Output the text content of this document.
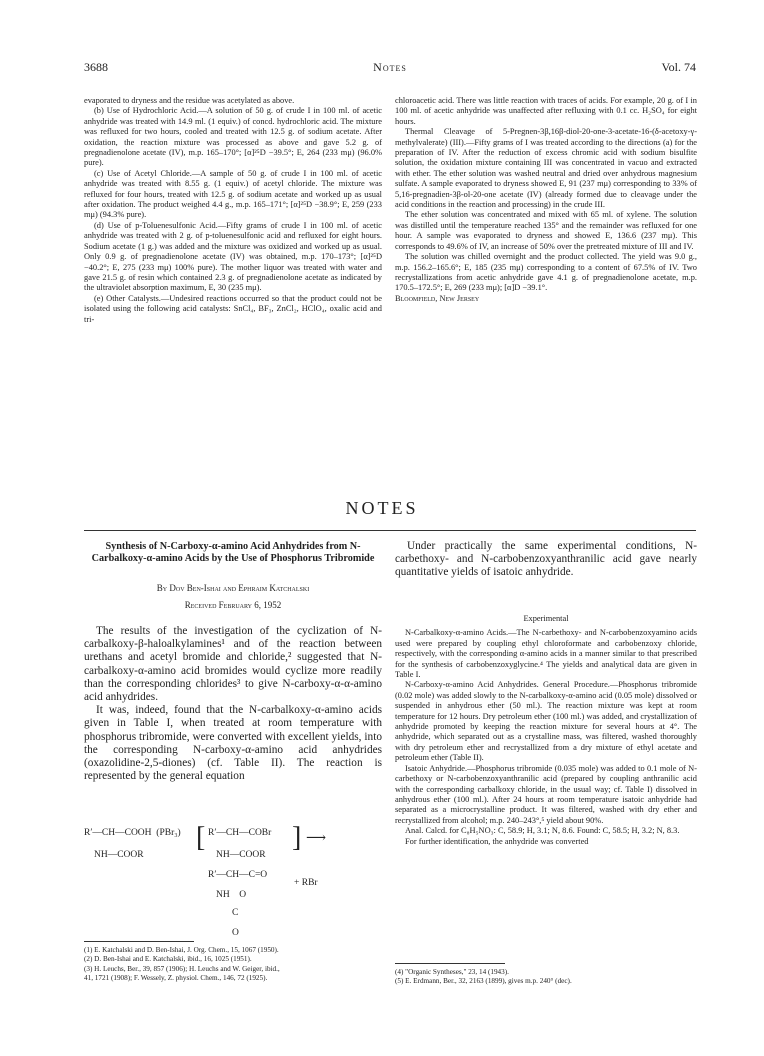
3688	Notes	Vol. 74

evaporated to dryness and the residue was acetylated as above.

(b) Use of Hydrochloric Acid.—A solution of 50 g. of crude I in 100 ml. of acetic anhydride was treated with 14.9 ml. (1 equiv.) of concd. hydrochloric acid. The mixture was refluxed for two hours, cooled and treated with 12.5 g. of sodium acetate. After oxidation, the reaction mixture was processed as above and gave 5.2 g. of pregnadienolone acetate (IV), m.p. 165–170°; [α]²⁵D −39.5°; E, 264 (233 mμ) (96.0% pure).

(c) Use of Acetyl Chloride.—A sample of 50 g. of crude I in 100 ml. of acetic anhydride was treated with 8.55 g. (1 equiv.) of acetyl chloride. The mixture was refluxed for four hours, treated with 12.5 g. of sodium acetate and worked up as usual after oxidation. The product weighed 4.4 g., m.p. 165–171°; [α]²⁵D −38.9°; E, 259 (233 mμ) (94.3% pure).

(d) Use of p-Toluenesulfonic Acid.—Fifty grams of crude I in 100 ml. of acetic anhydride was treated with 2 g. of p-toluenesulfonic acid and refluxed for eight hours. Sodium acetate (1 g.) was added and the mixture was oxidized and worked up as usual. Only 0.9 g. of pregnadienolone acetate (IV) was obtained, m.p. 170–173°; [α]²⁵D −40.2°; E, 275 (233 mμ) 100% pure). The mother liquor was treated with water and gave 21.5 g. of resin which contained 2.3 g. of pregnadienolone acetate as indicated by the ultraviolet absorption maximum, E, 30 (235 mμ).

(e) Other Catalysts.—Undesired reactions occurred so that the product could not be isolated using the following acid catalysts: SnCl₄, BF₃, ZnCl₂, HClO₄, oxalic acid and tri-

chloroacetic acid. There was little reaction with traces of acids. For example, 20 g. of I in 100 ml. of acetic anhydride was unaffected after refluxing with 0.1 cc. H₂SO₄ for eight hours.

Thermal Cleavage of 5-Pregnen-3β,16β-diol-20-one-3-acetate-16-(δ-acetoxy-γ-methylvalerate) (III).—Fifty grams of I was treated according to the directions (a) for the preparation of IV. After the reduction of excess chromic acid with sodium bisulfite solution, the oxidation mixture containing III was concentrated in vacuo and extracted with ether. The ether solution was washed neutral and dried over anhydrous magnesium sulfate. A sample evaporated to dryness showed E, 91 (237 mμ) corresponding to 33% of 5,16-pregnadien-3β-ol-20-one acetate (IV) (already formed due to cleavage under the acid conditions in the reaction and processing) in the crude III.

The ether solution was concentrated and mixed with 65 ml. of xylene. The solution was distilled until the temperature reached 135° and the remainder was refluxed for one hour. A sample was evaporated to dryness and showed E, 136.6 (237 mμ). This corresponds to 49.6% of IV, an increase of 50% over the pretreated mixture of III and IV.

The solution was chilled overnight and the product collected. The yield was 9.0 g., m.p. 156.2–165.6°; E, 185 (235 mμ) corresponding to a content of 67.5% of IV. Two recrystallizations from acetic anhydride gave 4.1 g. of pregnadienolone acetate, m.p. 170.5–172.5°; E, 269 (233 mμ); [α]D −39.1°.

Bloomfield, New Jersey

NOTES
Synthesis of N-Carboxy-α-amino Acid Anhydrides from N-Carbalkoxy-α-amino Acids by the Use of Phosphorus Tribromide
By Dov Ben-Ishai and Ephraim Katchalski
Received February 6, 1952

The results of the investigation of the cyclization of N-carbalkoxy-β-haloalkylamines¹ and of the reaction between urethans and acetyl bromide and chloride,² suggested that N-carbalkoxy-α-amino acid bromides would cyclize more readily than the corresponding chlorides³ to give N-carboxy-α-α-amino acid anhydrides.

It was, indeed, found that the N-carbalkoxy-α-amino acids given in Table I, when treated at room temperature with phosphorus tribromide, were converted with excellent yields, into the corresponding N-carboxy-α-amino acid anhydrides (oxazolidine-2,5-diones) (cf. Table II). The reaction is represented by the general equation

R′—CH—COOH  (PBr₃)
NH—COOR
[ R′—CH—COBr
NH—COOR
] ⟶
R′—CH—C=O
NH    O
+ RBr
C
O
(1) E. Katchalski and D. Ben-Ishai, J. Org. Chem., 15, 1067 (1950).
(2) D. Ben-Ishai and E. Katchalski, ibid., 16, 1025 (1951).
(3) H. Leuchs, Ber., 39, 857 (1906); H. Leuchs and W. Geiger, ibid.,
41, 1721 (1908); F. Wessely, Z. physiol. Chem., 146, 72 (1925).

Under practically the same experimental conditions, N-carbethoxy- and N-carbobenzoxyanthranilic acid gave nearly quantitative yields of isatoic anhydride.

Experimental

N-Carbalkoxy-α-amino Acids.—The N-carbethoxy- and N-carbobenzoxyamino acids used were prepared by coupling ethyl chloroformate and carbobenzoxy chloride, respectively, with the corresponding α-amino acids in a manner similar to that prescribed for the synthesis of carbobenzoxyglycine.⁴ The yields and analytical data are given in Table I.

N-Carboxy-α-amino Acid Anhydrides. General Procedure.—Phosphorus tribromide (0.02 mole) was added slowly to the N-carbalkoxy-α-amino acid (0.05 mole) dissolved or suspended in anhydrous ether (50 ml.). The reaction mixture was kept at room temperature for 12 hours. Dry petroleum ether (100 ml.) was added, and crystallization of anhydride promoted by keeping the reaction mixture for several hours at 4°. The anhydride, which separated out as a crystalline mass, was filtered, washed thoroughly with dry petroleum ether and recrystallized from a dry mixture of ethyl acetate and petroleum ether (Table II).

Isatoic Anhydride.—Phosphorus tribromide (0.035 mole) was added to 0.1 mole of N-carbethoxy or N-carbobenzoxyanthranilic acid (prepared by coupling anthranilic acid with the corresponding carbalkoxy chloride, in the usual way; cf. Table I) dissolved in anhydrous ether (100 ml.). After 24 hours at room temperature isatoic anhydride had separated as a microcrystalline product. It was filtered, washed with dry ether and recrystallized from alcohol; m.p. 240–243°,⁵ yield about 90%.

Anal. Calcd. for C₈H₅NO₃: C, 58.9; H, 3.1; N, 8.6. Found: C, 58.5; H, 3.2; N, 8.3.

For further identification, the anhydride was converted

(4) "Organic Syntheses," 23, 14 (1943).
(5) E. Erdmann, Ber., 32, 2163 (1899), gives m.p. 240° (dec).
